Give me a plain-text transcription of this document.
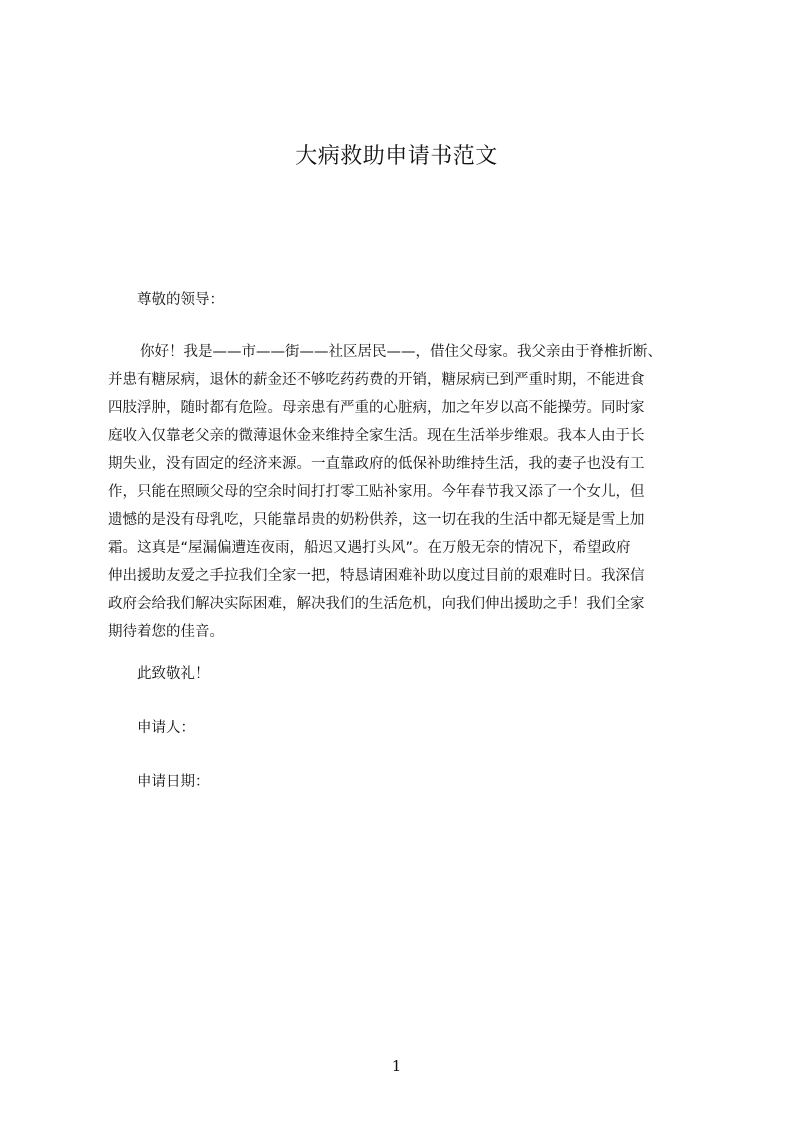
大病救助申请书范文
尊敬的领导：
你好！我是——市——街——社区居民——，借住父母家。我父亲由于脊椎折断、
并患有糖尿病，退休的薪金还不够吃药药费的开销，糖尿病已到严重时期，不能进食
四肢浮肿，随时都有危险。母亲患有严重的心脏病，加之年岁以高不能操劳。同时家
庭收入仅靠老父亲的微薄退休金来维持全家生活。现在生活举步维艰。我本人由于长
期失业，没有固定的经济来源。一直靠政府的低保补助维持生活，我的妻子也没有工
作，只能在照顾父母的空余时间打打零工贴补家用。今年春节我又添了一个女儿，但
遗憾的是没有母乳吃，只能靠昂贵的奶粉供养，这一切在我的生活中都无疑是雪上加
霜。这真是“屋漏偏遭连夜雨，船迟又遇打头风”。在万般无奈的情况下，希望政府
伸出援助友爱之手拉我们全家一把，特恳请困难补助以度过目前的艰难时日。我深信
政府会给我们解决实际困难，解决我们的生活危机，向我们伸出援助之手！我们全家
期待着您的佳音。
此致敬礼！
申请人：
申请日期：
1
